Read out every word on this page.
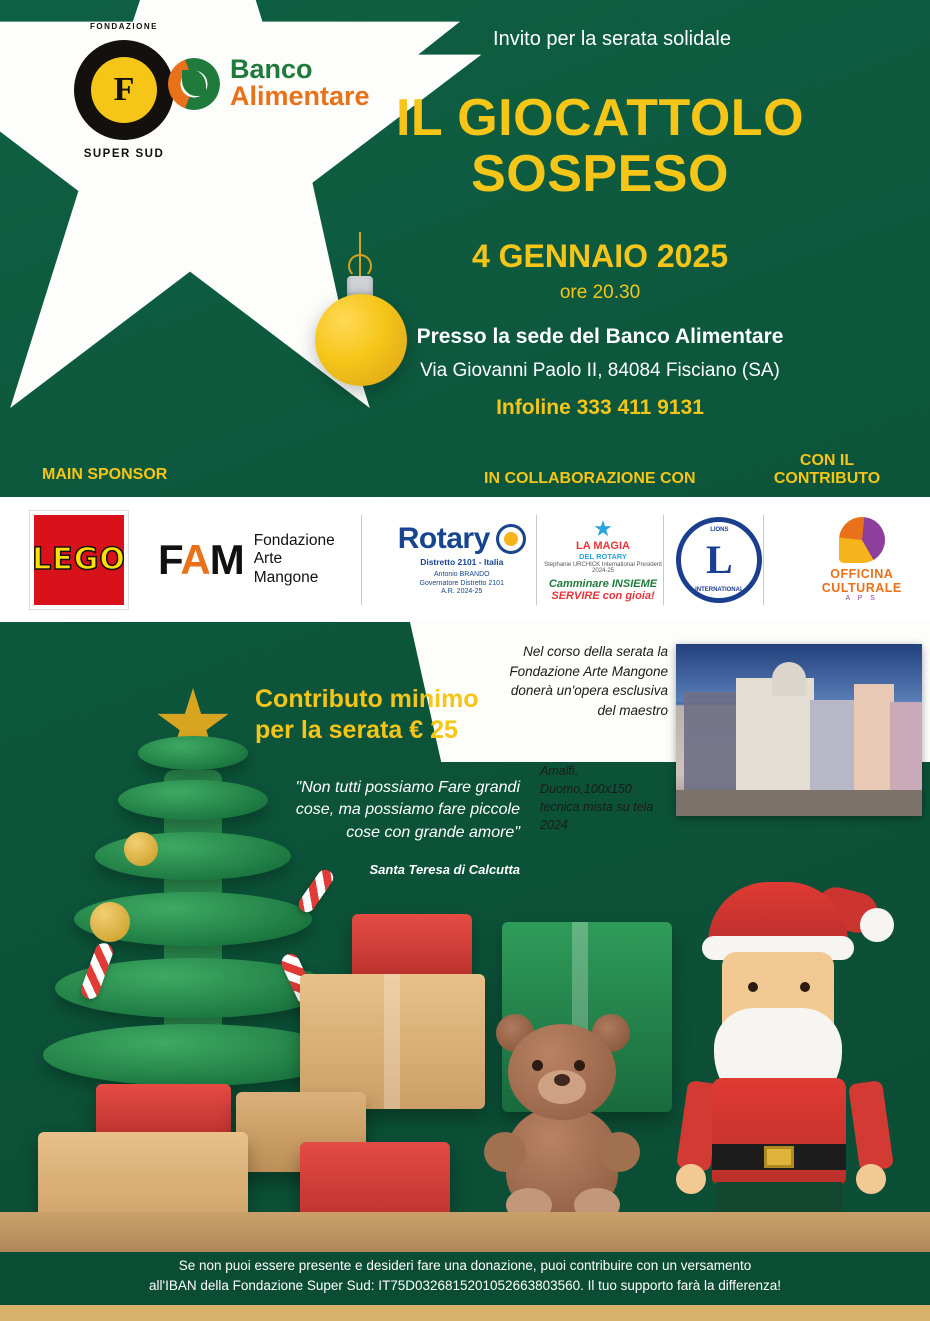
FONDAZIONE
F
SUPER SUD
Banco
Alimentare
Invito per la serata solidale
IL GIOCATTOLO
SOSPESO
4 GENNAIO 2025
ore 20.30
Presso la sede del Banco Alimentare
Via Giovanni Paolo II, 84084 Fisciano (SA)
Infoline 333 411 9131
MAIN SPONSOR	IN COLLABORAZIONE CON
CON IL
CONTRIBUTO
LEGO FAM Fondazione
Arte Mangone
Rotary
Distretto 2101 - Italia
Antonio BRANDO
Governatore Distretto 2101
A.R. 2024-25
★
LA MAGIA
DEL ROTARY
Stephanie URCHICK International President 2024-25
Camminare INSIEME
SERVIRE con gioia!
LIONS
L
INTERNATIONAL
OFFICINA CULTURALE
A P S
Nel corso della serata la Fondazione Arte Mangone donerà un'opera esclusiva del maestro
Amalfi, Duomo,100x150
tecnica mista su tela
2024
Contributo minimo
per la serata € 25
"Non tutti possiamo Fare grandi cose, ma possiamo fare piccole cose con grande amore"
Santa Teresa di Calcutta
Se non puoi essere presente e desideri fare una donazione, puoi contribuire con un versamento
all'IBAN della Fondazione Super Sud: IT75D0326815201052663803560. Il tuo supporto farà la differenza!
